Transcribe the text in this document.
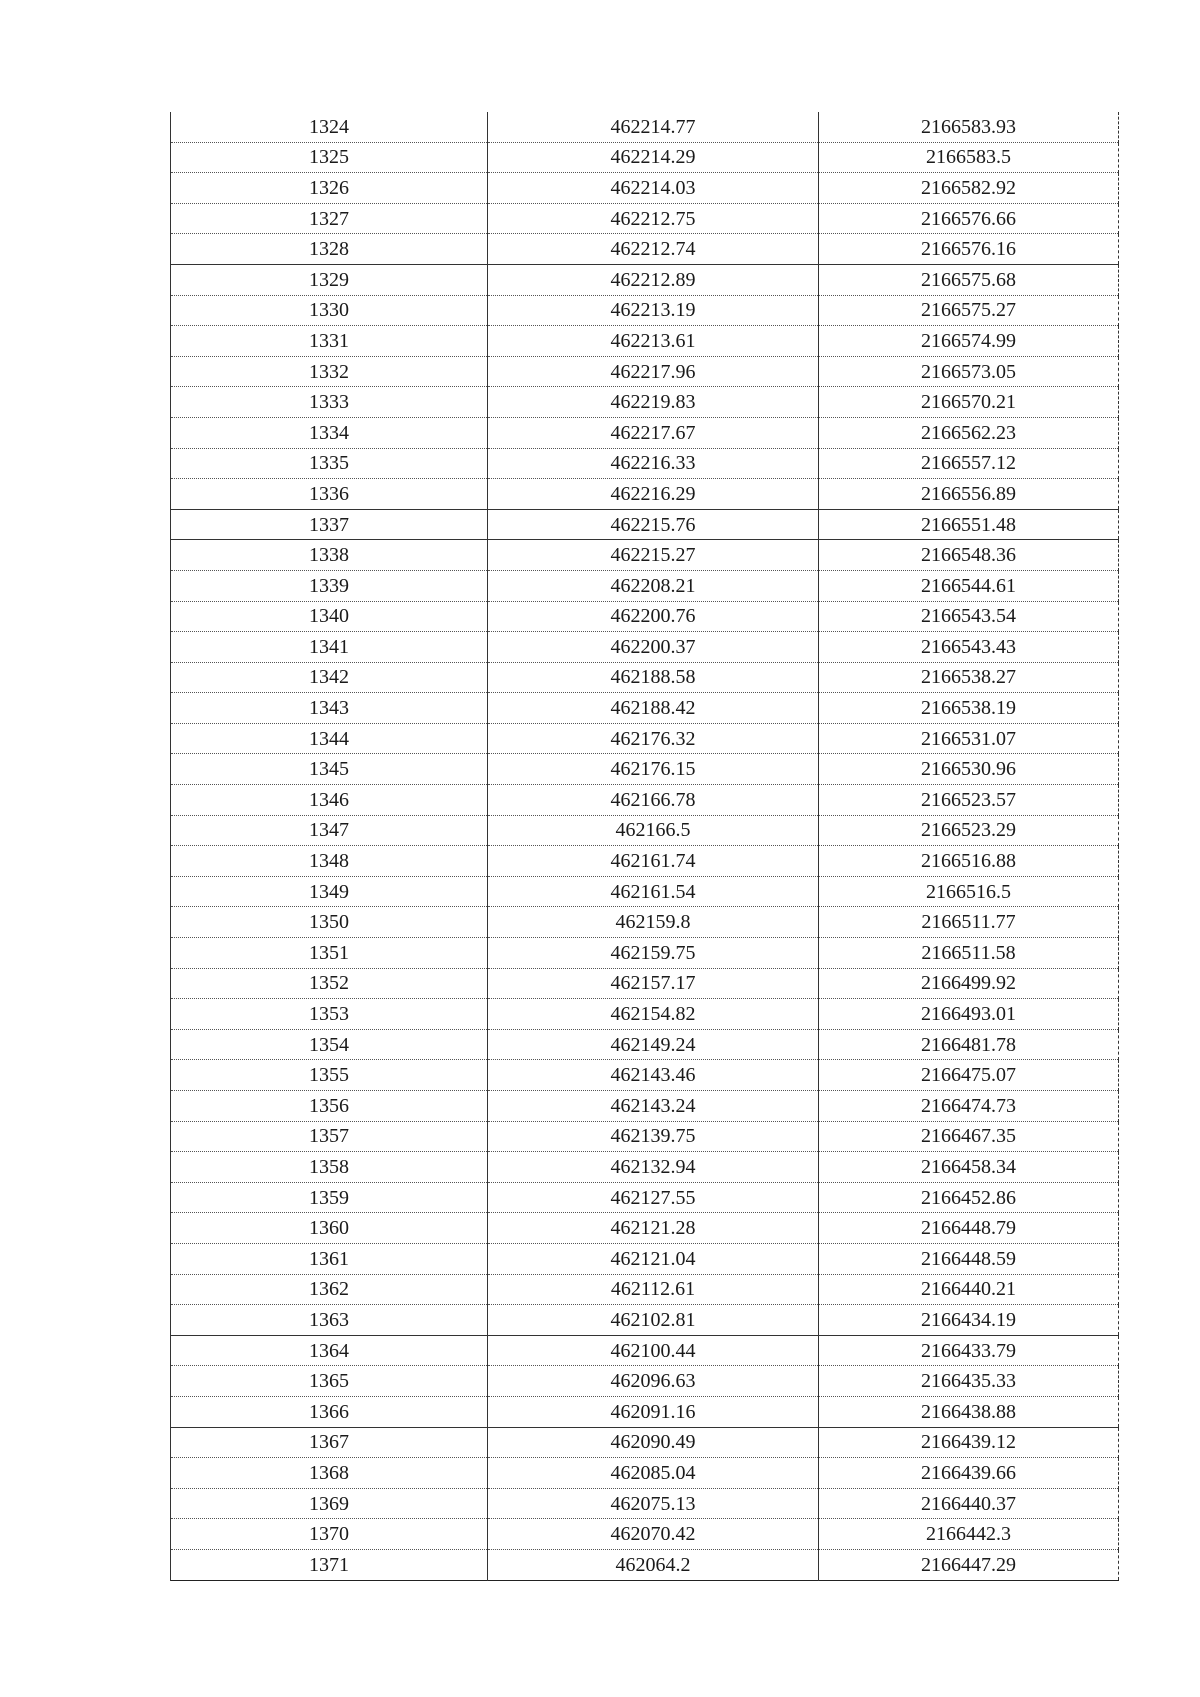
1324	462214.77	2166583.93
1325	462214.29	2166583.5
1326	462214.03	2166582.92
1327	462212.75	2166576.66
1328	462212.74	2166576.16
1329	462212.89	2166575.68
1330	462213.19	2166575.27
1331	462213.61	2166574.99
1332	462217.96	2166573.05
1333	462219.83	2166570.21
1334	462217.67	2166562.23
1335	462216.33	2166557.12
1336	462216.29	2166556.89
1337	462215.76	2166551.48
1338	462215.27	2166548.36
1339	462208.21	2166544.61
1340	462200.76	2166543.54
1341	462200.37	2166543.43
1342	462188.58	2166538.27
1343	462188.42	2166538.19
1344	462176.32	2166531.07
1345	462176.15	2166530.96
1346	462166.78	2166523.57
1347	462166.5	2166523.29
1348	462161.74	2166516.88
1349	462161.54	2166516.5
1350	462159.8	2166511.77
1351	462159.75	2166511.58
1352	462157.17	2166499.92
1353	462154.82	2166493.01
1354	462149.24	2166481.78
1355	462143.46	2166475.07
1356	462143.24	2166474.73
1357	462139.75	2166467.35
1358	462132.94	2166458.34
1359	462127.55	2166452.86
1360	462121.28	2166448.79
1361	462121.04	2166448.59
1362	462112.61	2166440.21
1363	462102.81	2166434.19
1364	462100.44	2166433.79
1365	462096.63	2166435.33
1366	462091.16	2166438.88
1367	462090.49	2166439.12
1368	462085.04	2166439.66
1369	462075.13	2166440.37
1370	462070.42	2166442.3
1371	462064.2	2166447.29
